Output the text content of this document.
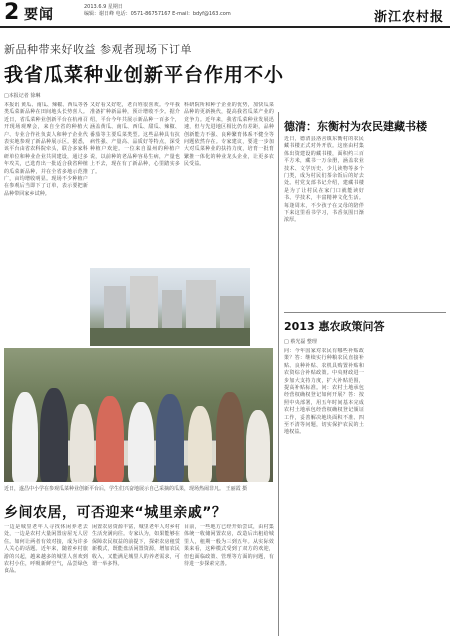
2 要闻	2013.6.9 星期日
编辑：谢日峰 电话：0571-86757167 E-mail：bdyf@163.com	浙江农村报
新品种带来好收益 参观者现场下订单
我省瓜菜种业创新平台作用不小
□本报记者 徐琳
本报讯 黄瓜、南瓜、辣椒、西瓜等各类瓜菜新品种在田间地头长势喜人。近日，省瓜菜种业创新平台在杭州召开现场观摩会，来自全省的种植大户、专业合作社负责人和种子企业代表实地参观了新品种展示区。据悉，该平台由省农科院牵头，联合多家科研单位和种业企业共同建设，通过多年攻关，已选育出一批适合我省种植的瓜菜新品种，并在全省多地示范推广，亩均增收明显。现场不少种植户在参观后当即下了订单，表示要把新品种带回家乡试种。
又好看又好吃，老百姓很喜欢。今年我准备扩种新品种，预计增收不少。据介绍，平台今年共展示新品种一百多个，涵盖黄瓜、南瓜、西瓜、甜瓜、辣椒、番茄等主要瓜菜类型。这些品种具有抗病性强、产量高、品质好等特点，深受种植户欢迎。一位来自温州的种植户说，以前种的老品种容易生病，产量也上不去，现在有了新品种，心里踏实多了。
科研院所和种子企业的优势，加快瓜菜品种的更新换代，提高我省瓜菜产业的竞争力。近年来，我省瓜菜种业发展迅速，但与先进地区相比仍有差距，品种创新能力不强、良种繁育体系不健全等问题依然存在。专家建议，要进一步加大对瓜菜种业的扶持力度，培育一批育繁推一体化的种业龙头企业，让更多农民受益。
近日，遂昌中小学在参观瓜菜种业创新平台后，学生们兴奋地展示自己采摘的瓜果，现场热闹非凡。 王丽霞 摄
乡间农居，可否迎来“城里亲戚”？
一边是城里老年人寻找休闲养老去处，一边是农村大量闲置房屋无人居住。如何让两者有效对接，成为许多人关心的话题。近年来，随着乡村旅游的兴起，越来越多的城里人喜欢到农村小住，呼吸新鲜空气，品尝绿色食品。
闲置农房资源丰富，城里老年人对乡村生活充满向往。专家认为，如果能够在保障农民权益的前提下，探索农房租赁新模式，既能盘活闲置资源，增加农民收入，又能满足城里人的养老需求，可谓一举多得。
目前，一些地方已经开始尝试，由村集体统一收储闲置农房，改造后出租给城里人，租期一般为三到五年。从实际效果来看，这种模式受到了双方的欢迎，但也面临政策、管理等方面的问题，有待进一步探索完善。
德清：东衡村为农民建藏书楼
近日，德清县洛舍镇东衡村的农民藏书楼正式对外开放。这座由村集体出资建设的藏书楼，面积约三百平方米，藏书一万余册，涵盖农业技术、文学历史、少儿读物等多个门类，成为村民们茶余饭后的好去处。村党支部书记介绍，建藏书楼是为了让村民在家门口就能读好书、学技术，丰富精神文化生活。每逢周末，不少孩子在父母的陪伴下来这里看书学习，书香氛围日渐浓厚。
2013 惠农政策问答
□ 蔡光磊 整理
问：今年国家对农民有哪些补贴政策？答：继续实行种粮农民直接补贴、良种补贴、农机具购置补贴和农资综合补贴政策。中央财政进一步加大支持力度，扩大补贴范围，提高补贴标准。问：农村土地承包经营权确权登记如何开展？答：按照中央部署，用五年时间基本完成农村土地承包经营权确权登记颁证工作，妥善解决地块面积不准、四至不清等问题，切实保护农民的土地权益。
